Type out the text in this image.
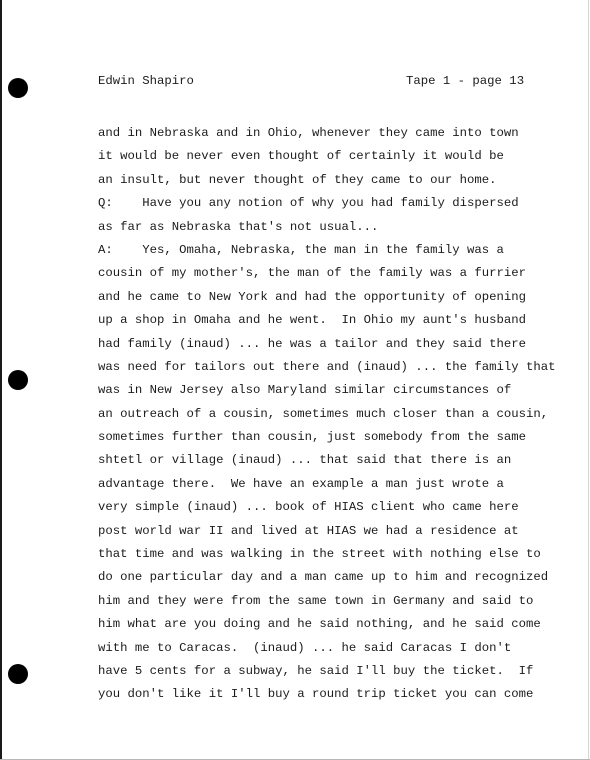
Edwin Shapiro	Tape 1 - page 13
and in Nebraska and in Ohio, whenever they came into town
it would be never even thought of certainly it would be
an insult, but never thought of they came to our home.
Q:    Have you any notion of why you had family dispersed
as far as Nebraska that's not usual...
A:    Yes, Omaha, Nebraska, the man in the family was a
cousin of my mother's, the man of the family was a furrier
and he came to New York and had the opportunity of opening
up a shop in Omaha and he went.  In Ohio my aunt's husband
had family (inaud) ... he was a tailor and they said there
was need for tailors out there and (inaud) ... the family that
was in New Jersey also Maryland similar circumstances of
an outreach of a cousin, sometimes much closer than a cousin,
sometimes further than cousin, just somebody from the same
shtetl or village (inaud) ... that said that there is an
advantage there.  We have an example a man just wrote a
very simple (inaud) ... book of HIAS client who came here
post world war II and lived at HIAS we had a residence at
that time and was walking in the street with nothing else to
do one particular day and a man came up to him and recognized
him and they were from the same town in Germany and said to
him what are you doing and he said nothing, and he said come
with me to Caracas.  (inaud) ... he said Caracas I don't
have 5 cents for a subway, he said I'll buy the ticket.  If
you don't like it I'll buy a round trip ticket you can come
